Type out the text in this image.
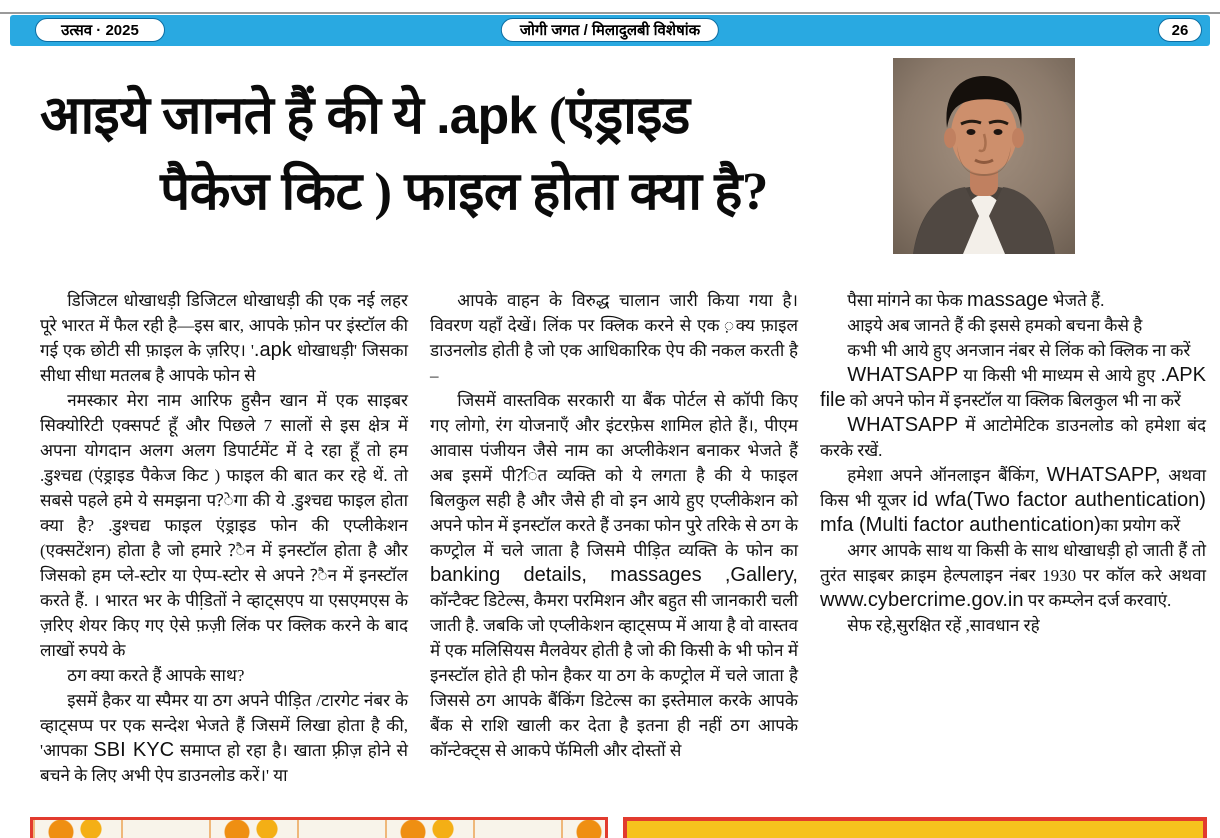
उत्सव · 2025	जोगी जगत / मिलादुलबी विशेषांक	26
आइये जानते हैं की ये .apk (एंड्राइड
पैकेज किट ) फाइल होता क्या है?

डिजिटल धोखाधड़ी डिजिटल धोखाधड़ी की एक नई लहर पूरे भारत में फैल रही है—इस बार, आपके फ़ोन पर इंस्टॉल की गई एक छोटी सी फ़ाइल के ज़रिए। '.apk धोखाधड़ी' जिसका सीधा सीधा मतलब है आपके फोन से

नमस्कार मेरा नाम आरिफ हुसैन खान में एक साइबर सिक्योरिटी एक्सपर्ट हूँ और पिछले 7 सालों से इस क्षेत्र में अपना योगदान अलग अलग डिपार्टमेंट में दे रहा हूँ तो हम .डुश्चद्य (एंड्राइड पैकेज किट ) फाइल की बात कर रहे थें. तो सबसे पहले हमे ये समझना प?ेगा की ये .डुश्चद्य फाइल होता क्या है? .डुश्चद्य फाइल एंड्राइड फोन की एप्लीकेशन (एक्सटेंशन) होता है जो हमारे ?ैन में इनस्टॉल होता है और जिसको हम प्ले-स्टोर या ऐप्प-स्टोर से अपने ?ैन में इनस्टॉल करते हैं. । भारत भर के पीडि़तों ने व्हाट्सएप या एसएमएस के ज़रिए शेयर किए गए ऐसे फ़ज़ी लिंक पर क्लिक करने के बाद लाखों रुपये के

ठग क्या करते हैं आपके साथ?

इसमें हैकर या स्पैमर या ठग अपने पीड़ित /टारगेट नंबर के व्हाट्सप्प पर एक सन्देश भेजते हैं जिसमें लिखा होता है की, 'आपका SBI KYC समाप्त हो रहा है। खाता फ़्रीज़ होने से बचने के लिए अभी ऐप डाउनलोड करें।' या

आपके वाहन के विरुद्ध चालान जारी किया गया है। विवरण यहाँ देखें। लिंक पर क्लिक करने से एक ़क्य फ़ाइल डाउनलोड होती है जो एक आधिकारिक ऐप की नकल करती है –

जिसमें वास्तविक सरकारी या बैंक पोर्टल से कॉपी किए गए लोगो, रंग योजनाएँ और इंटरफ़ेस शामिल होते हैं।, पीएम आवास पंजीयन जैसे नाम का अप्लीकेशन बनाकर भेजते हैं अब इसमें पी?ित व्यक्ति को ये लगता है की ये फाइल बिलकुल सही है और जैसे ही वो इन आये हुए एप्लीकेशन को अपने फोन में इनस्टॉल करते हैं उनका फोन पुरे तरिके से ठग के कण्ट्रोल में चले जाता है जिसमे पीड़ित व्यक्ति के फोन का banking details, massages ,Gallery, कॉन्टैक्ट डिटेल्स, कैमरा परमिशन और बहुत सी जानकारी चली जाती है. जबकि जो एप्लीकेशन व्हाट्सप्प में आया है वो वास्तव में एक मलिसियस मैलवेयर होती है जो की किसी के भी फोन में इनस्टॉल होते ही फोन हैकर या ठग के कण्ट्रोल में चले जाता है जिससे ठग आपके बैंकिंग डिटेल्स का इस्तेमाल करके आपके बैंक से राशि खाली कर देता है इतना ही नहीं ठग आपके कॉन्टेक्ट्स से आकपे फॅमिली और दोस्तों से

पैसा मांगने का फेक massage भेजते हैं.

आइये अब जानते हैं की इससे हमको बचना कैसे है

कभी भी आये हुए अनजान नंबर से लिंक को क्लिक ना करें

WHATSAPP या किसी भी माध्यम से आये हुए .APK file को अपने फोन में इनस्टॉल या क्लिक बिलकुल भी ना करें

WHATSAPP में आटोमेटिक डाउनलोड को हमेशा बंद करके रखें.

हमेशा अपने ऑनलाइन बैंकिंग, WHATSAPP, अथवा किस भी यूजर id wfa(Two factor authentication) mfa (Multi factor authentication)का प्रयोग करें

अगर आपके साथ या किसी के साथ धोखाधड़ी हो जाती हैं तो तुरंत साइबर क्राइम हेल्पलाइन नंबर 1930 पर कॉल करे अथवा www.cybercrime.gov.in पर कम्प्लेन दर्ज करवाएं.

सेफ रहे,सुरक्षित रहें ,सावधान रहे
